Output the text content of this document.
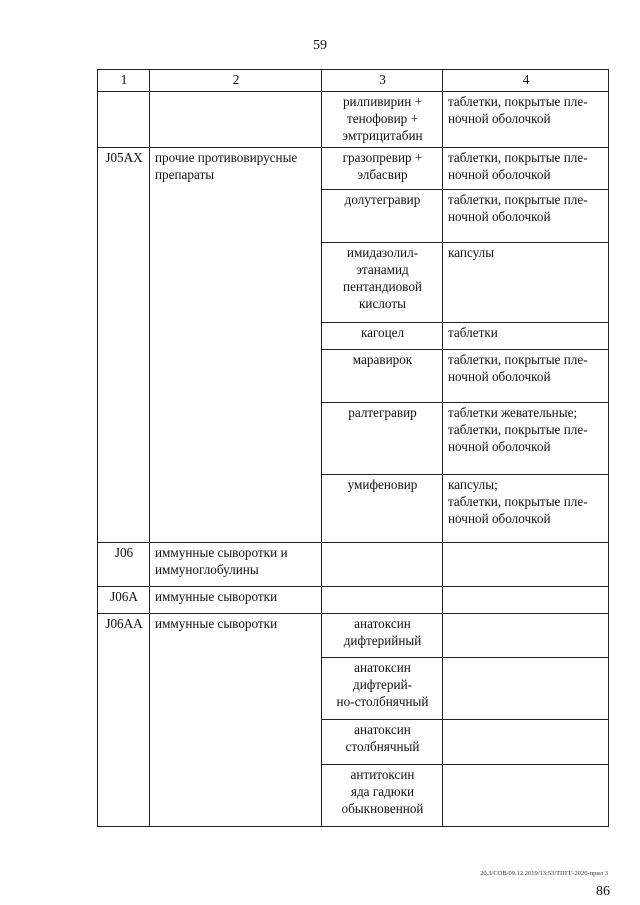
59
1	2	3	4
		рилпивирин +
тенофовир +
эмтрицитабин	таблетки, покрытые пле-
ночной оболочкой
J05AX	прочие противовирусные препараты	гразопревир +
элбасвир	таблетки, покрытые пле-
ночной оболочкой
		долутегравир	таблетки, покрытые пле-
ночной оболочкой
		имидазолил-
этанамид
пентандиовой
кислоты	капсулы
		кагоцел	таблетки
		маравирок	таблетки, покрытые пле-
ночной оболочкой
		ралтегравир	таблетки жевательные;
таблетки, покрытые пле-
ночной оболочкой
		умифеновир	капсулы;
таблетки, покрытые пле-
ночной оболочкой
J06	иммунные сыворотки и иммуноглобулины		
J06A	иммунные сыворотки		
J06AA	иммунные сыворотки	анатоксин
дифтерийный	
		анатоксин
дифтерий-
но-столбнячный	
		анатоксин
столбнячный	
		антитоксин
яда гадюки
обыкновенной	
20.3/СОВ/09.12.2019/13:53/ТПГГ-2020-прил 3
86
